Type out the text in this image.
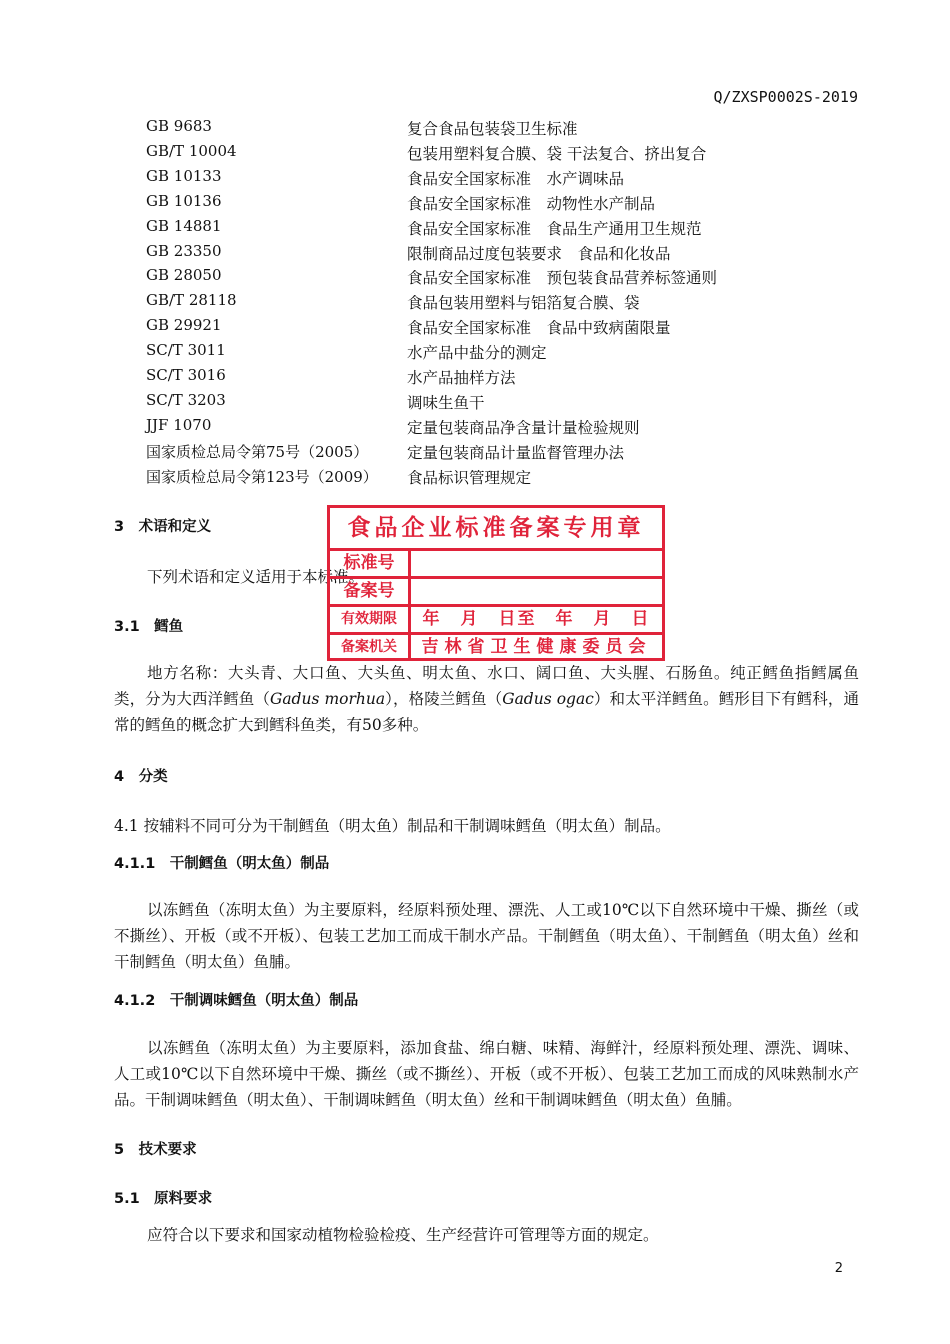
Q/ZXSP0002S-2019
GB 9683	复合食品包装袋卫生标准
GB/T 10004	包装用塑料复合膜、袋 干法复合、挤出复合
GB 10133	食品安全国家标准　水产调味品
GB 10136	食品安全国家标准　动物性水产制品
GB 14881	食品安全国家标准　食品生产通用卫生规范
GB 23350	限制商品过度包装要求　食品和化妆品
GB 28050	食品安全国家标准　预包装食品营养标签通则
GB/T 28118	食品包装用塑料与铝箔复合膜、袋
GB 29921	食品安全国家标准　食品中致病菌限量
SC/T 3011	水产品中盐分的测定
SC/T 3016	水产品抽样方法
SC/T 3203	调味生鱼干
JJF 1070	定量包装商品净含量计量检验规则
国家质检总局令第75号（2005） 定量包装商品计量监督管理办法
国家质检总局令第123号（2009） 食品标识管理规定
3　术语和定义
下列术语和定义适用于本标准。
3.1　鳕鱼
地方名称：大头青、大口鱼、大头鱼、明太鱼、水口、阔口鱼、大头腥、石肠鱼。纯正鳕鱼指鳕属鱼类，分为大西洋鳕鱼（Gadus morhua），格陵兰鳕鱼（Gadus ogac）和太平洋鳕鱼。鳕形目下有鳕科，通常的鳕鱼的概念扩大到鳕科鱼类，有50多种。
4　分类
4.1 按辅料不同可分为干制鳕鱼（明太鱼）制品和干制调味鳕鱼（明太鱼）制品。
4.1.1　干制鳕鱼（明太鱼）制品
以冻鳕鱼（冻明太鱼）为主要原料，经原料预处理、漂洗、人工或10℃以下自然环境中干燥、撕丝（或不撕丝）、开板（或不开板）、包装工艺加工而成干制水产品。干制鳕鱼（明太鱼）、干制鳕鱼（明太鱼）丝和干制鳕鱼（明太鱼）鱼脯。
4.1.2　干制调味鳕鱼（明太鱼）制品
以冻鳕鱼（冻明太鱼）为主要原料，添加食盐、绵白糖、味精、海鲜汁，经原料预处理、漂洗、调味、人工或10℃以下自然环境中干燥、撕丝（或不撕丝）、开板（或不开板）、包装工艺加工而成的风味熟制水产品。干制调味鳕鱼（明太鱼）、干制调味鳕鱼（明太鱼）丝和干制调味鳕鱼（明太鱼）鱼脯。
5　技术要求
5.1　原料要求
应符合以下要求和国家动植物检验检疫、生产经营许可管理等方面的规定。
食品企业标准备案专用章
标准号
备案号
有效期限	年　月　日至　年　月　日
备案机关	吉林省卫生健康委员会
2
